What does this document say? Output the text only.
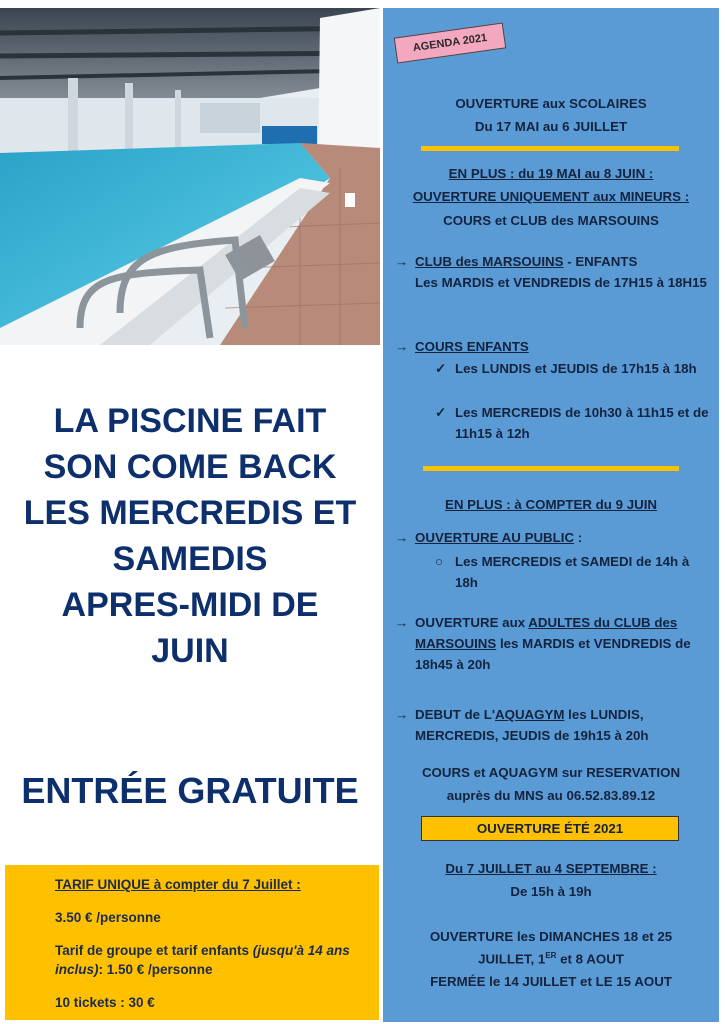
LA PISCINE FAIT
SON COME BACK
LES MERCREDIS ET
SAMEDIS
APRES-MIDI DE
JUIN
ENTRÉE GRATUITE

TARIF UNIQUE à compter du 7 Juillet :

3.50 € /personne

Tarif de groupe et tarif enfants (jusqu'à 14 ans inclus): 1.50 € /personne

10 tickets : 30 €

AGENDA 2021
OUVERTURE aux SCOLAIRES
Du 17 MAI au 6 JUILLET
EN PLUS : du 19 MAI au 8 JUIN :
OUVERTURE UNIQUEMENT aux MINEURS :
COURS et CLUB des MARSOUINS
→ CLUB des MARSOUINS - ENFANTS
Les MARDIS et VENDREDIS de 17H15 à 18H15
→ COURS ENFANTS
✓ Les LUNDIS et JEUDIS de 17h15 à 18h
✓ Les MERCREDIS de 10h30 à 11h15 et de 11h15 à 12h
EN PLUS : à COMPTER du 9 JUIN
→ OUVERTURE AU PUBLIC :
○ Les MERCREDIS et SAMEDI de 14h à 18h
→ OUVERTURE aux ADULTES du CLUB des MARSOUINS les MARDIS et VENDREDIS de 18h45 à 20h
→ DEBUT de L'AQUAGYM les LUNDIS, MERCREDIS, JEUDIS de 19h15 à 20h
COURS et AQUAGYM sur RESERVATION
auprès du MNS au 06.52.83.89.12
OUVERTURE ÉTÉ 2021
Du 7 JUILLET au 4 SEPTEMBRE :
De 15h à 19h
OUVERTURE les DIMANCHES 18 et 25
JUILLET, 1ER et 8 AOUT
FERMÉE le 14 JUILLET et LE 15 AOUT
